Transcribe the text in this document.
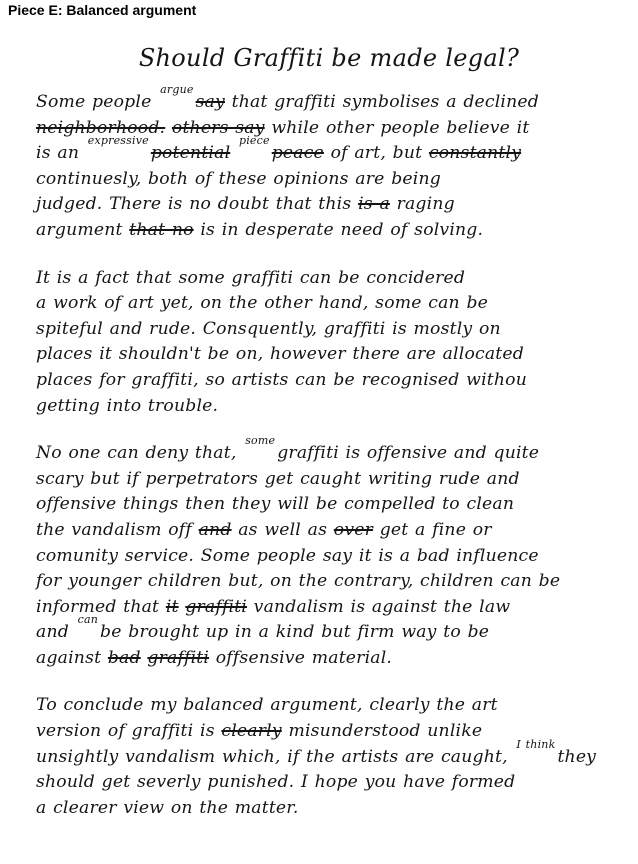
Piece E: Balanced argument
Should Graffiti be made legal?
Some people arguesay that graffiti symbolises a declined
neighborhood. others say while other people believe it
is an expressivepotential piecepeace of art, but constantly
continuesly, both of these opinions are being
judged. There is no doubt that this is a raging
argument that no is in desperate need of solving.
It is a fact that some graffiti can be concidered
a work of art yet, on the other hand, some can be
spiteful and rude. Consquently, graffiti is mostly on
places it shouldn't be on, however there are allocated
places for graffiti, so artists can be recognised withou
getting into trouble.
No one can deny that, somegraffiti is offensive and quite
scary but if perpetrators get caught writing rude and
offensive things then they will be compelled to clean
the vandalism off and as well as over get a fine or
comunity service. Some people say it is a bad influence
for younger children but, on the contrary, children can be
informed that it graffiti vandalism is against the law
and canbe brought up in a kind but firm way to be
against bad graffiti offsensive material.
To conclude my balanced argument, clearly the art
version of graffiti is clearly misunderstood unlike
unsightly vandalism which, if the artists are caught, I thinkthey
should get severly punished. I hope you have formed
a clearer view on the matter.
